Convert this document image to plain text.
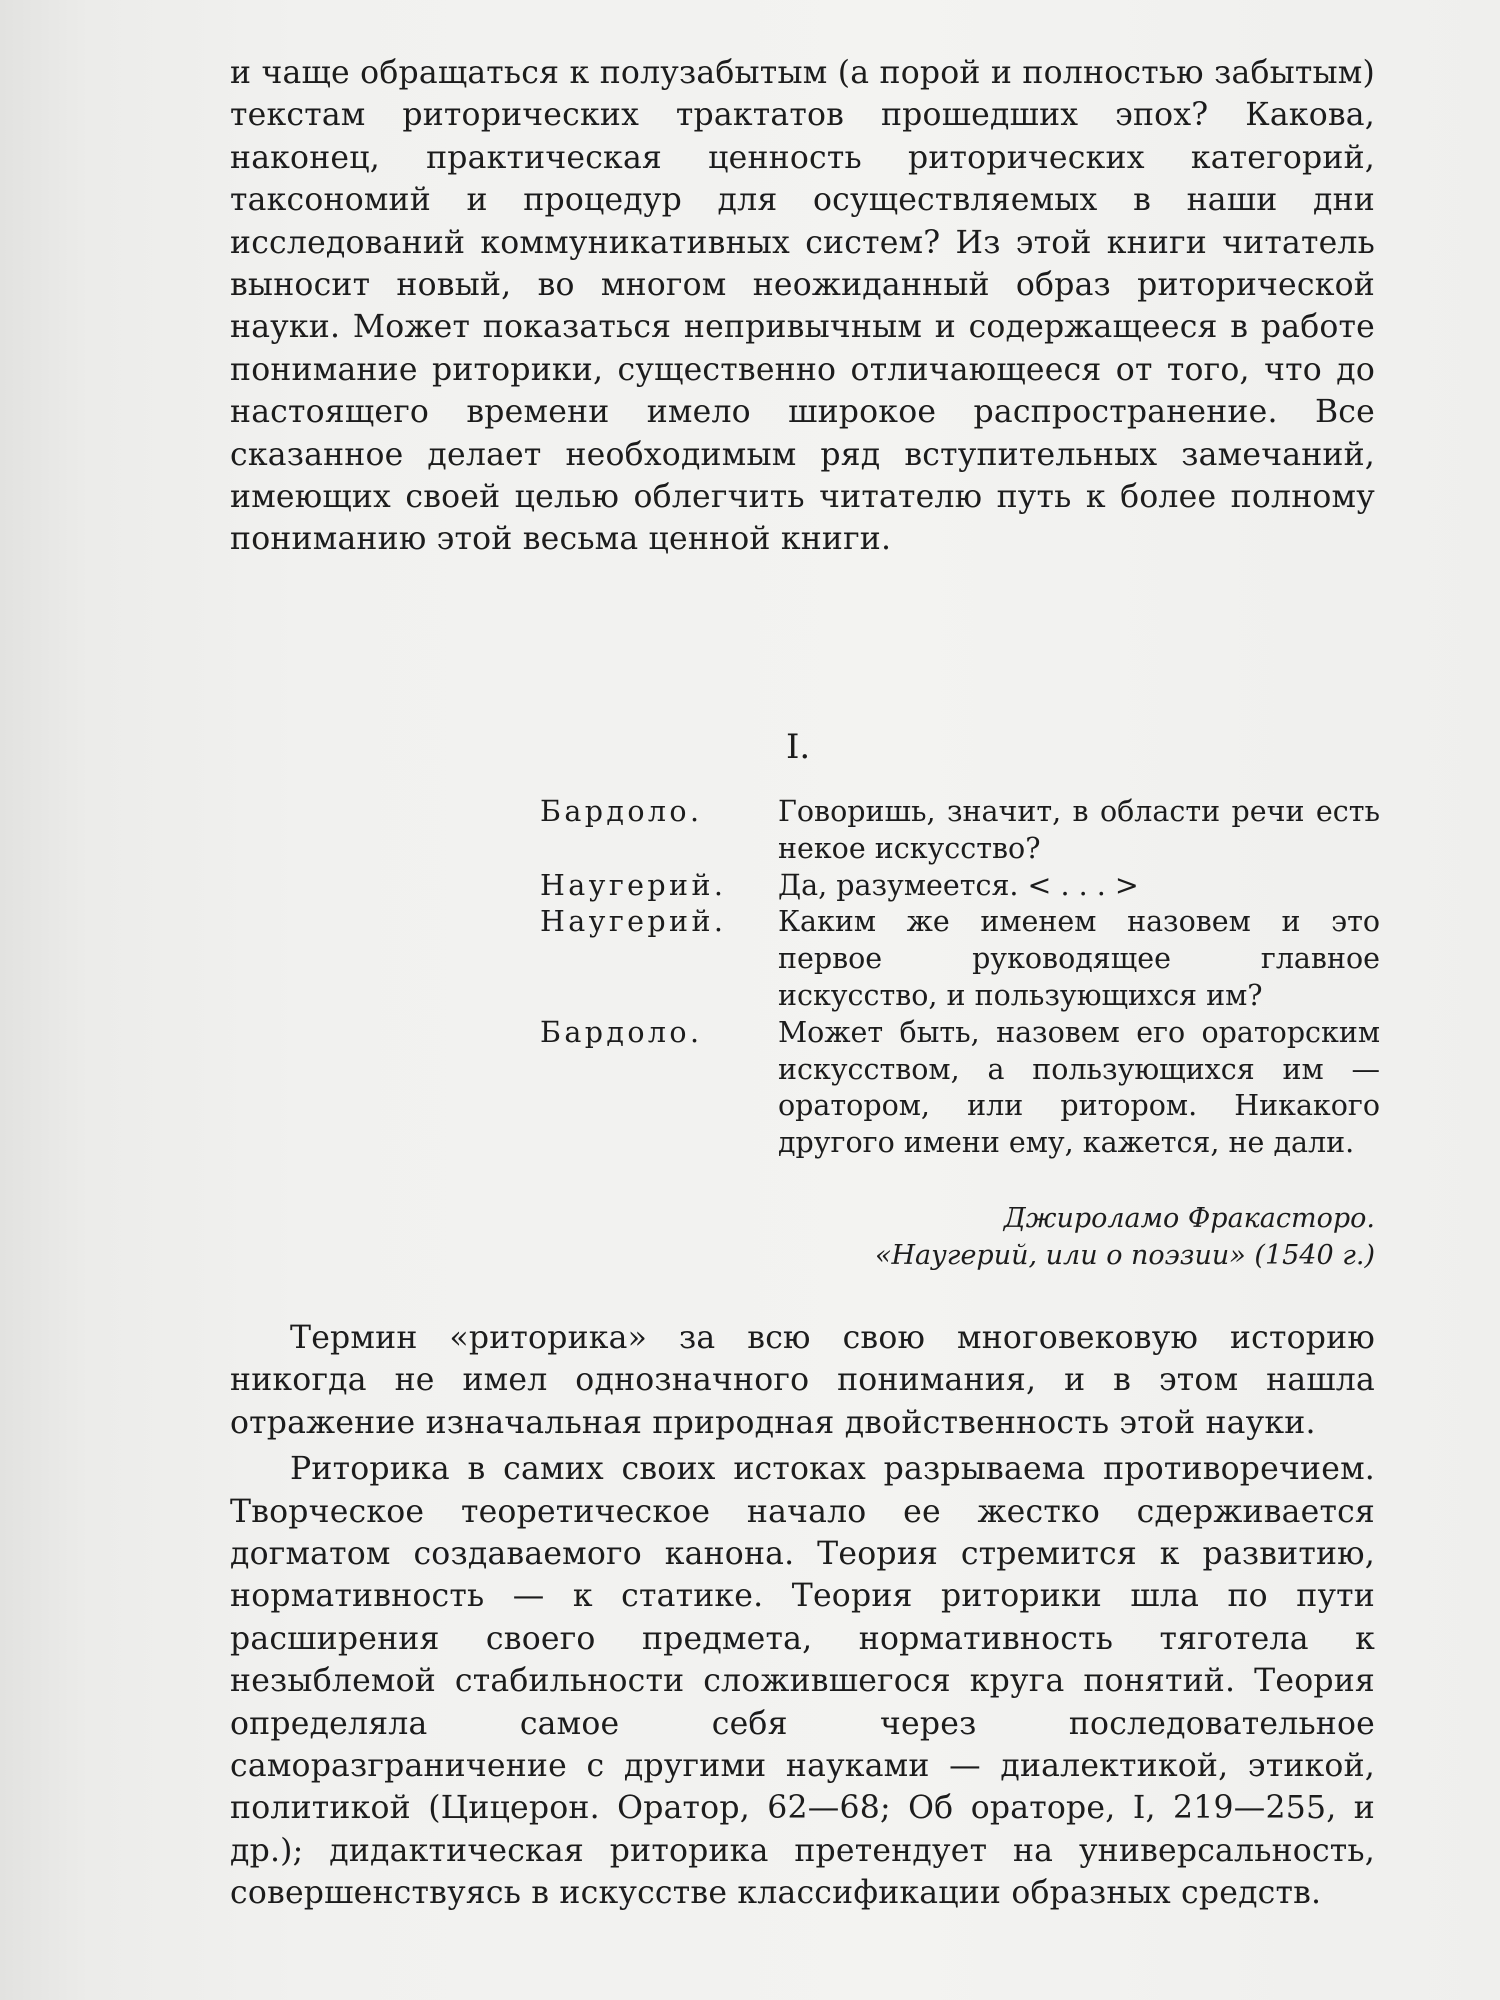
и чаще обращаться к полузабытым (а порой и полностью забытым) текстам риторических трактатов прошедших эпох? Какова, наконец, практическая ценность риторических категорий, таксономий и процедур для осуществляемых в наши дни исследований коммуникативных систем? Из этой книги читатель выносит новый, во многом неожиданный образ риторической науки. Может показаться непривычным и содержащееся в работе понимание риторики, существенно отличающееся от того, что до настоящего времени имело широкое распространение. Все сказанное делает необходимым ряд вступительных замечаний, имеющих своей целью облегчить читателю путь к более полному пониманию этой весьма ценной книги.

I.
Бардоло.	Говоришь, значит, в области речи есть некое искусство?
Наугерий.	Да, разумеется. < . . . >
Наугерий.	Каким же именем назовем и это первое руководящее главное искусство, и пользующихся им?
Бардоло.	Может быть, назовем его ораторским искусством, а пользующихся им — оратором, или ритором. Никакого другого имени ему, кажется, не дали.
Джироламо Фракасторо.
«Наугерий, или о поэзии» (1540 г.)

Термин «риторика» за всю свою многовековую историю никогда не имел однозначного понимания, и в этом нашла отражение изначальная природная двойственность этой науки.

Риторика в самих своих истоках разрываема противоречием. Творческое теоретическое начало ее жестко сдерживается догматом создаваемого канона. Теория стремится к развитию, нормативность — к статике. Теория риторики шла по пути расширения своего предмета, нормативность тяготела к незыблемой стабильности сложившегося круга понятий. Теория определяла самое себя через последовательное саморазграничение с другими науками — диалектикой, этикой, политикой (Цицерон. Оратор, 62—68; Об ораторе, I, 219—255, и др.); дидактическая риторика претендует на универсальность, совершенствуясь в искусстве классификации образных средств.
